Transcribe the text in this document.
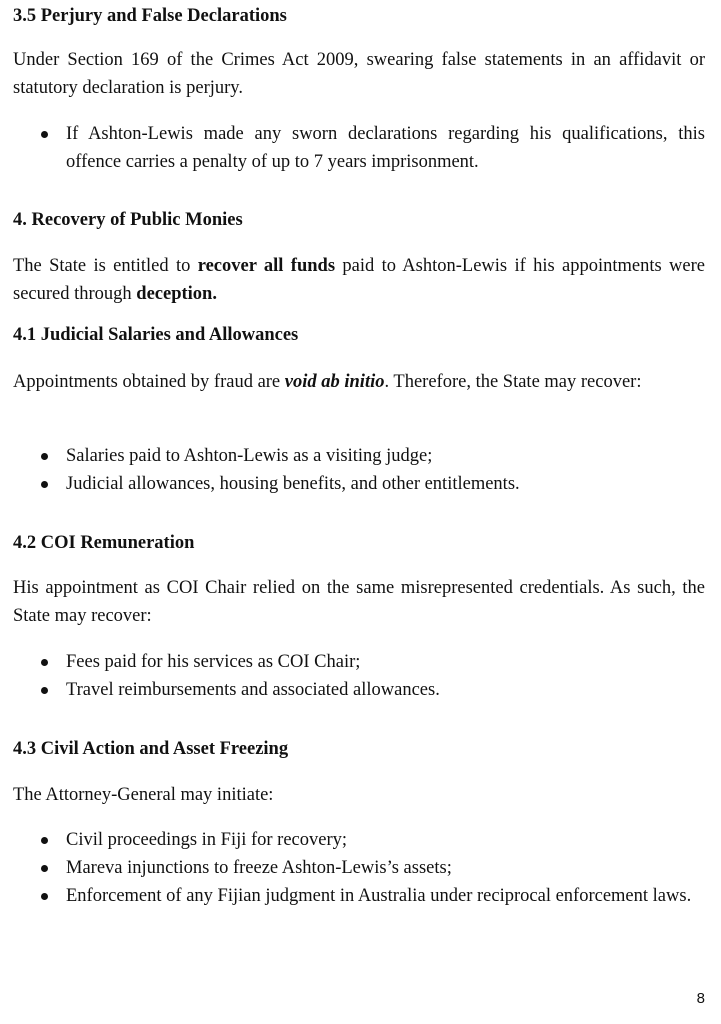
3.5 Perjury and False Declarations

Under Section 169 of the Crimes Act 2009, swearing false statements in an affidavit or statutory declaration is perjury.

If Ashton-Lewis made any sworn declarations regarding his qualifications, this offence carries a penalty of up to 7 years imprisonment.
4. Recovery of Public Monies

The State is entitled to recover all funds paid to Ashton-Lewis if his appointments were secured through deception.

4.1 Judicial Salaries and Allowances

Appointments obtained by fraud are void ab initio. Therefore, the State may recover:

Salaries paid to Ashton-Lewis as a visiting judge;
Judicial allowances, housing benefits, and other entitlements.
4.2 COI Remuneration

His appointment as COI Chair relied on the same misrepresented credentials. As such, the State may recover:

Fees paid for his services as COI Chair;
Travel reimbursements and associated allowances.
4.3 Civil Action and Asset Freezing

The Attorney-General may initiate:

Civil proceedings in Fiji for recovery;
Mareva injunctions to freeze Ashton-Lewis’s assets;
Enforcement of any Fijian judgment in Australia under reciprocal enforcement laws.
8
